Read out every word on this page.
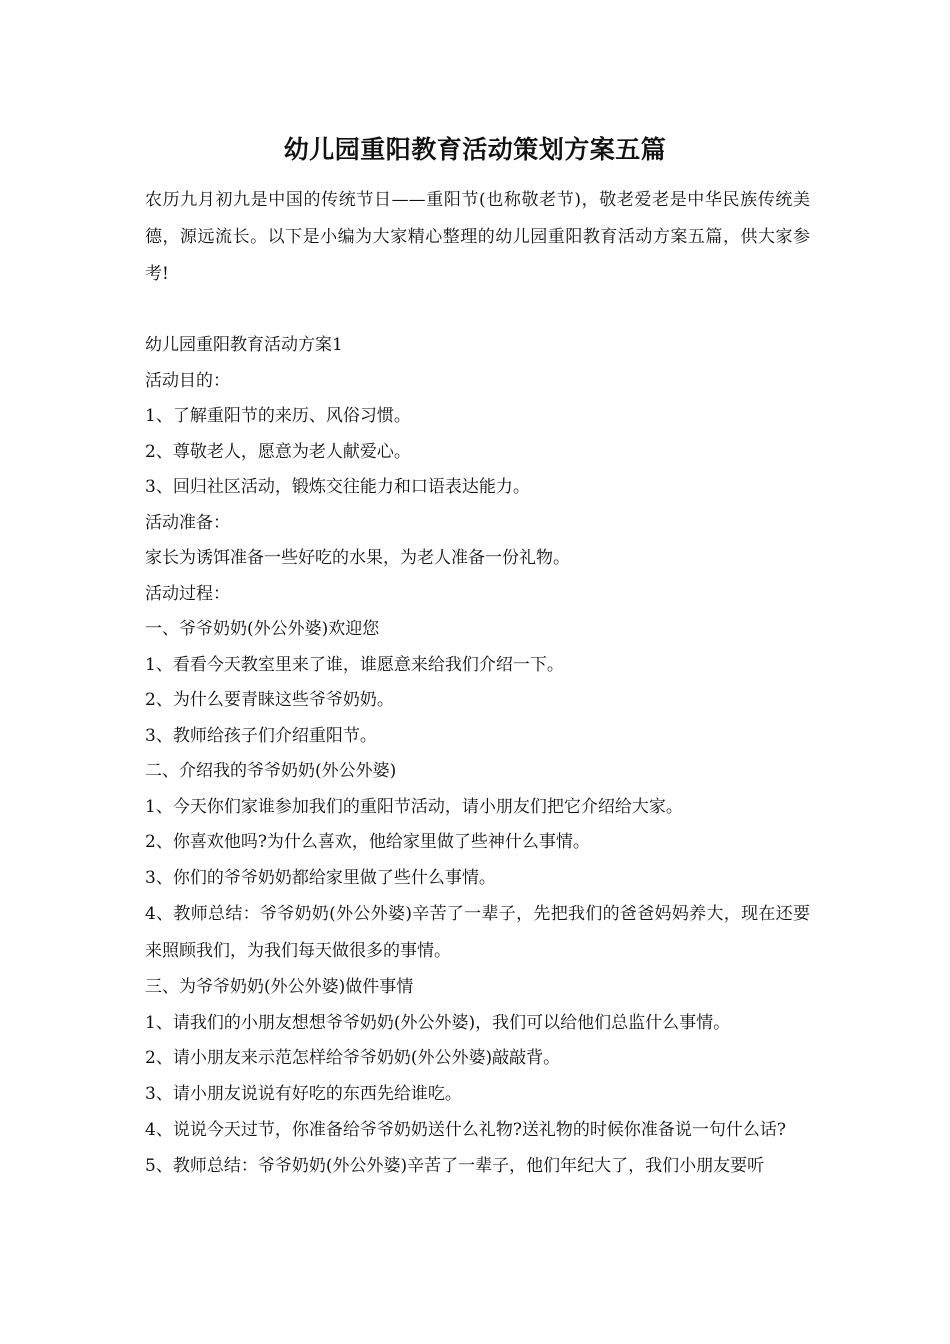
幼儿园重阳教育活动策划方案五篇
农历九月初九是中国的传统节日——重阳节(也称敬老节)，敬老爱老是中华民族传统美德，源远流长。以下是小编为大家精心整理的幼儿园重阳教育活动方案五篇，供大家参考!
幼儿园重阳教育活动方案1
活动目的：
1、了解重阳节的来历、风俗习惯。
2、尊敬老人，愿意为老人献爱心。
3、回归社区活动，锻炼交往能力和口语表达能力。
活动准备：
家长为诱饵准备一些好吃的水果，为老人准备一份礼物。
活动过程：
一、爷爷奶奶(外公外婆)欢迎您
1、看看今天教室里来了谁，谁愿意来给我们介绍一下。
2、为什么要青睐这些爷爷奶奶。
3、教师给孩子们介绍重阳节。
二、介绍我的爷爷奶奶(外公外婆)
1、今天你们家谁参加我们的重阳节活动，请小朋友们把它介绍给大家。
2、你喜欢他吗?为什么喜欢，他给家里做了些神什么事情。
3、你们的爷爷奶奶都给家里做了些什么事情。
4、教师总结：爷爷奶奶(外公外婆)辛苦了一辈子，先把我们的爸爸妈妈养大，现在还要来照顾我们，为我们每天做很多的事情。
三、为爷爷奶奶(外公外婆)做件事情
1、请我们的小朋友想想爷爷奶奶(外公外婆)，我们可以给他们总监什么事情。
2、请小朋友来示范怎样给爷爷奶奶(外公外婆)敲敲背。
3、请小朋友说说有好吃的东西先给谁吃。
4、说说今天过节，你准备给爷爷奶奶送什么礼物?送礼物的时候你准备说一句什么话?
5、教师总结：爷爷奶奶(外公外婆)辛苦了一辈子，他们年纪大了，我们小朋友要听
